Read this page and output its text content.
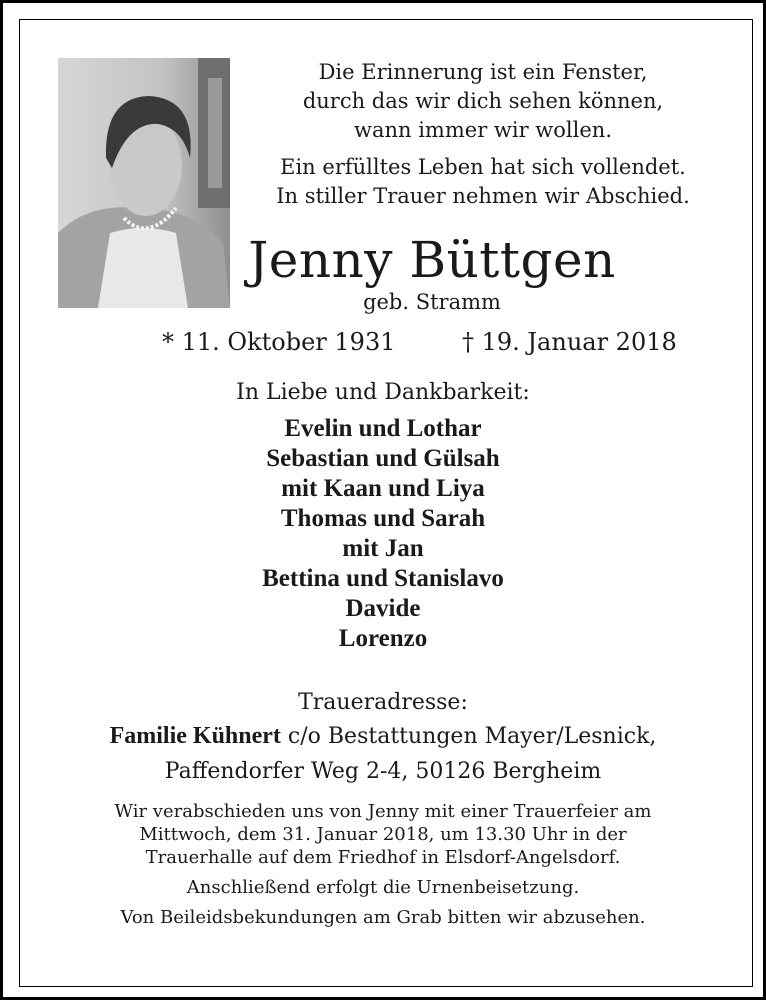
Die Erinnerung ist ein Fenster,

durch das wir dich sehen können,

wann immer wir wollen.

Ein erfülltes Leben hat sich vollendet.

In stiller Trauer nehmen wir Abschied.

Jenny Büttgen
geb. Stramm
* 11. Oktober 1931	† 19. Januar 2018
In Liebe und Dankbarkeit:
Evelin und Lothar
Sebastian und Gülsah
mit Kaan und Liya
Thomas und Sarah
mit Jan
Bettina und Stanislavo
Davide
Lorenzo
Traueradresse:
Familie Kühnert c/o Bestattungen Mayer/Lesnick,
Paffendorfer Weg 2-4, 50126 Bergheim

Wir verabschieden uns von Jenny mit einer Trauerfeier am

Mittwoch, dem 31. Januar 2018, um 13.30 Uhr in der

Trauerhalle auf dem Friedhof in Elsdorf-Angelsdorf.

Anschließend erfolgt die Urnenbeisetzung.

Von Beileidsbekundungen am Grab bitten wir abzusehen.
